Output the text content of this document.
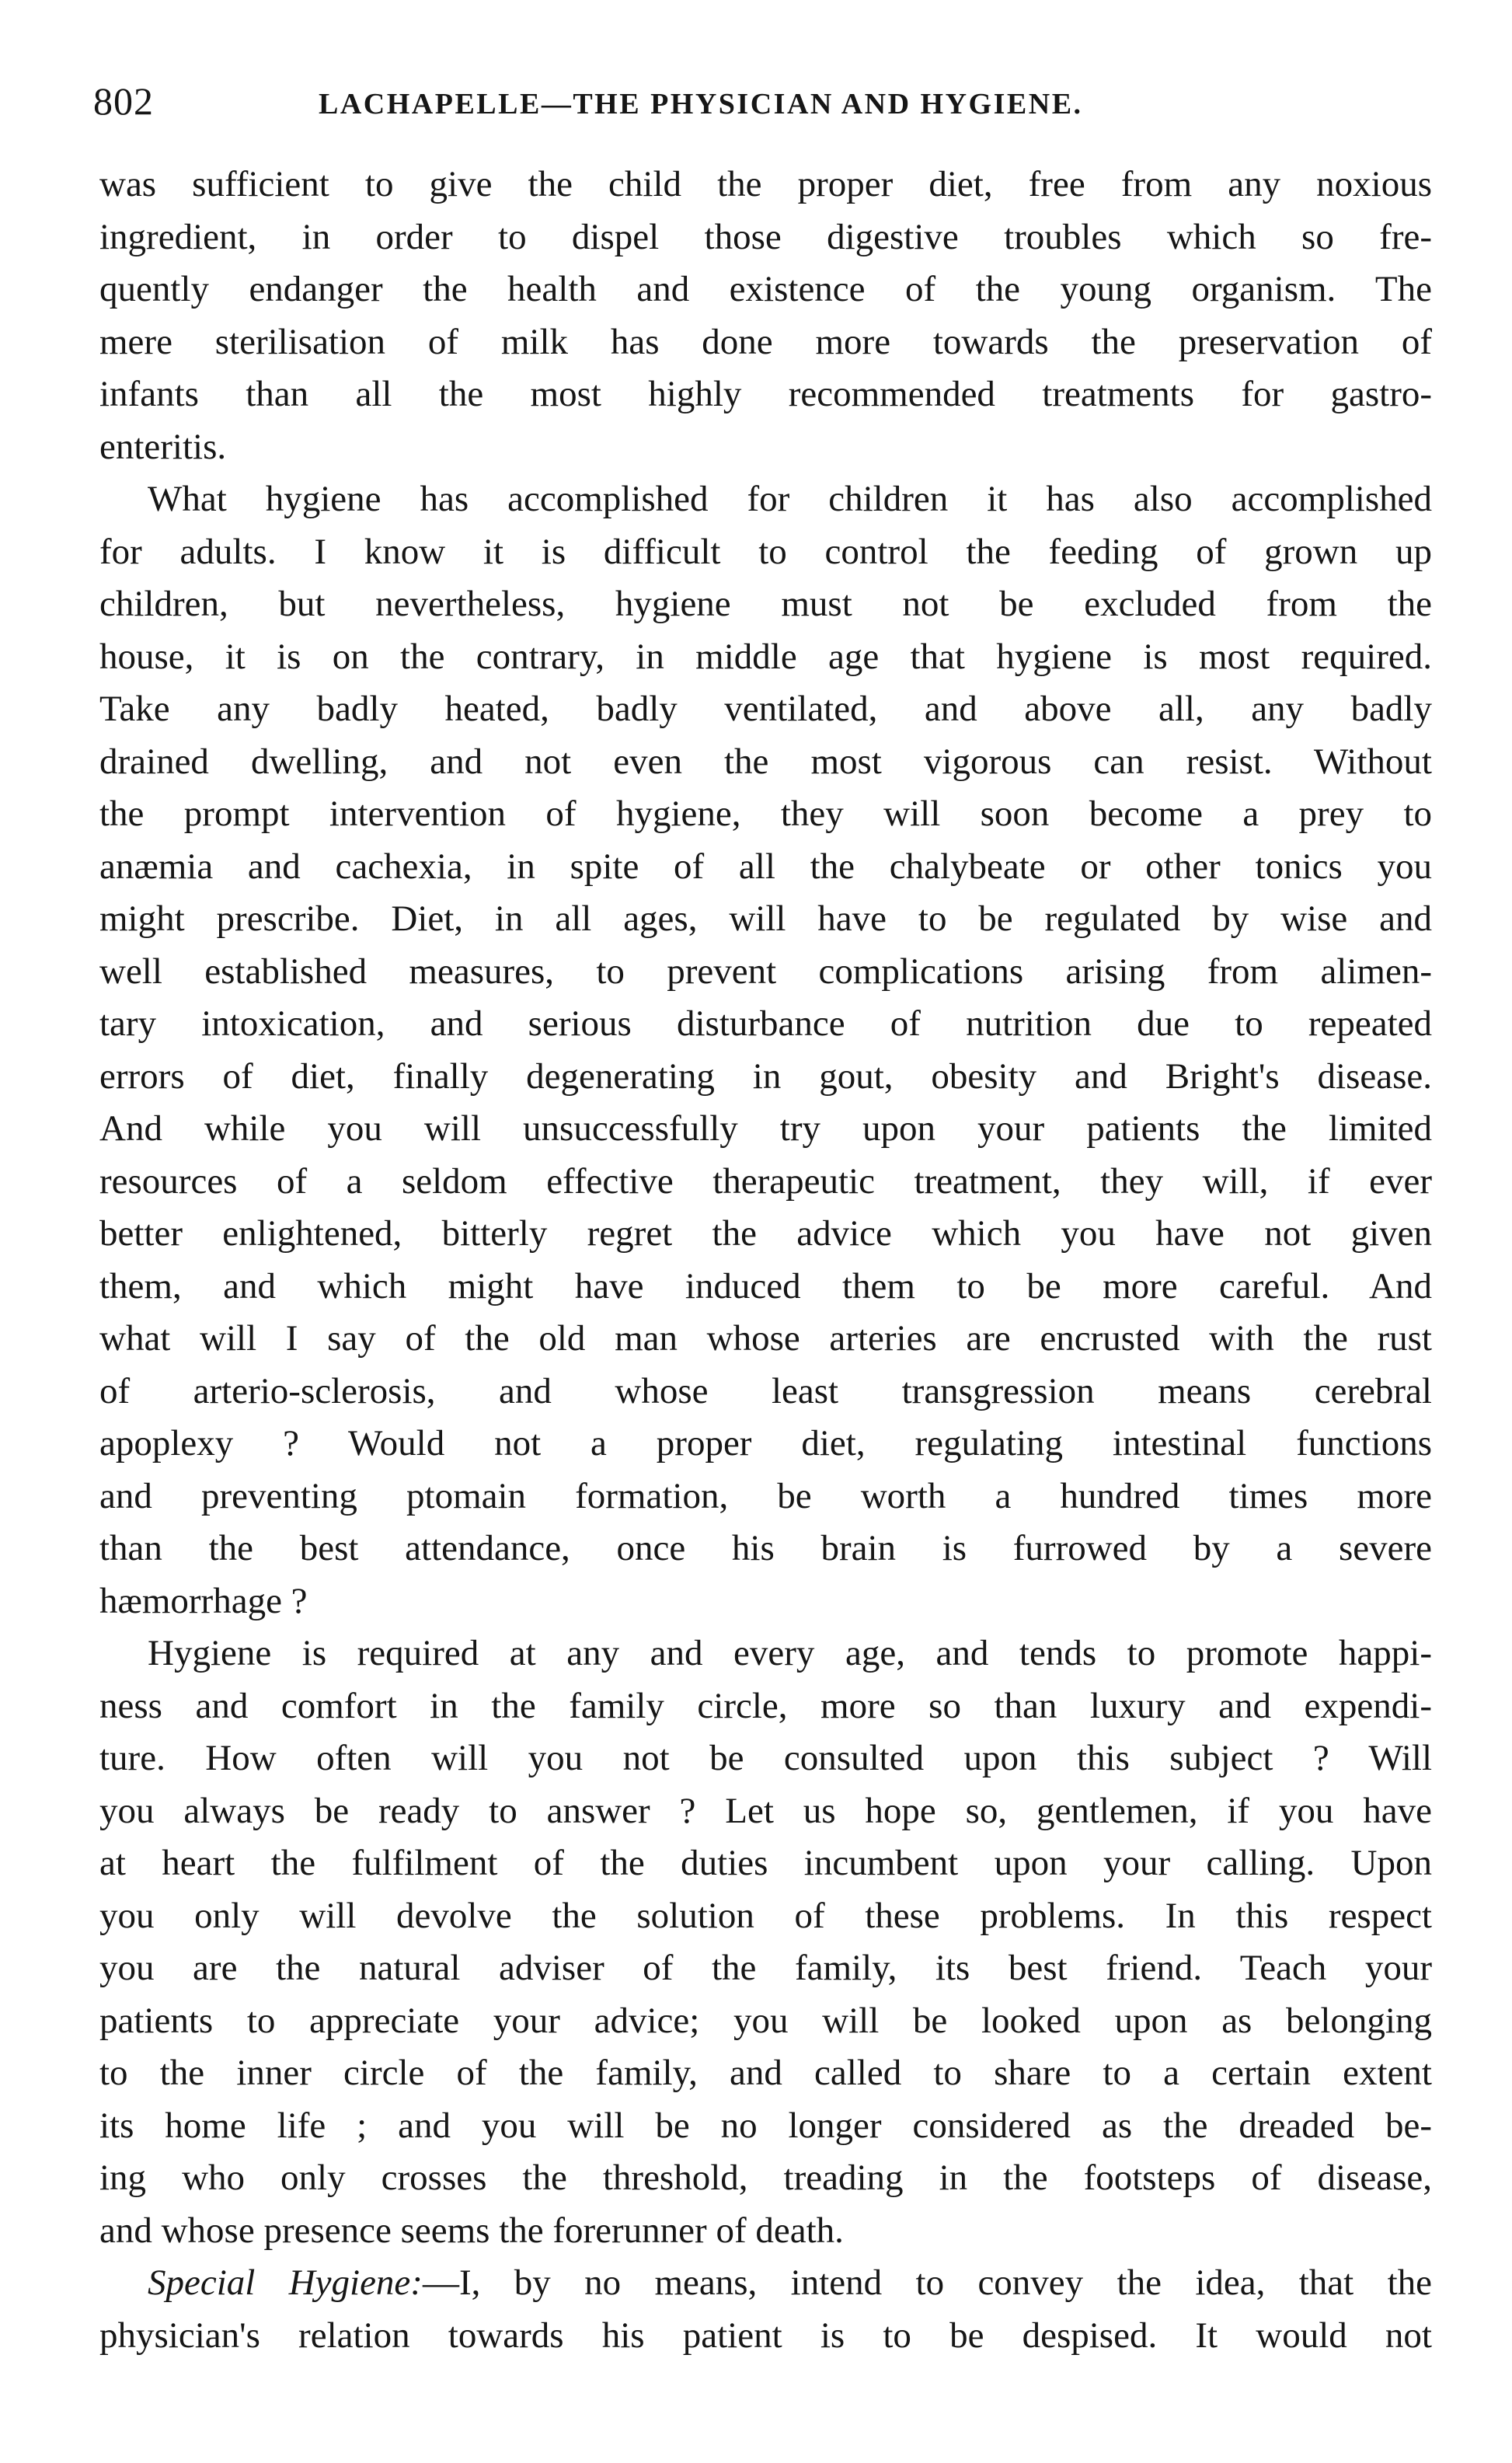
802	LACHAPELLE—THE PHYSICIAN AND HYGIENE.
was sufficient to give the child the proper diet, free from any noxious
ingredient, in order to dispel those digestive troubles which so fre-
quently endanger the health and existence of the young organism. The
mere sterilisation of milk has done more towards the preservation of
infants than all the most highly recommended treatments for gastro-
enteritis.
What hygiene has accomplished for children it has also accomplished
for adults. I know it is difficult to control the feeding of grown up
children, but nevertheless, hygiene must not be excluded from the
house, it is on the contrary, in middle age that hygiene is most required.
Take any badly heated, badly ventilated, and above all, any badly
drained dwelling, and not even the most vigorous can resist. Without
the prompt intervention of hygiene, they will soon become a prey to
anæmia and cachexia, in spite of all the chalybeate or other tonics you
might prescribe. Diet, in all ages, will have to be regulated by wise and
well established measures, to prevent complications arising from alimen-
tary intoxication, and serious disturbance of nutrition due to repeated
errors of diet, finally degenerating in gout, obesity and Bright's disease.
And while you will unsuccessfully try upon your patients the limited
resources of a seldom effective therapeutic treatment, they will, if ever
better enlightened, bitterly regret the advice which you have not given
them, and which might have induced them to be more careful. And
what will I say of the old man whose arteries are encrusted with the rust
of arterio-sclerosis, and whose least transgression means cerebral
apoplexy ? Would not a proper diet, regulating intestinal functions
and preventing ptomain formation, be worth a hundred times more
than the best attendance, once his brain is furrowed by a severe
hæmorrhage ?
Hygiene is required at any and every age, and tends to promote happi-
ness and comfort in the family circle, more so than luxury and expendi-
ture. How often will you not be consulted upon this subject ? Will
you always be ready to answer ? Let us hope so, gentlemen, if you have
at heart the fulfilment of the duties incumbent upon your calling. Upon
you only will devolve the solution of these problems. In this respect
you are the natural adviser of the family, its best friend. Teach your
patients to appreciate your advice; you will be looked upon as belonging
to the inner circle of the family, and called to share to a certain extent
its home life ; and you will be no longer considered as the dreaded be-
ing who only crosses the threshold, treading in the footsteps of disease,
and whose presence seems the forerunner of death.
Special Hygiene:—I, by no means, intend to convey the idea, that the
physician's relation towards his patient is to be despised. It would not
